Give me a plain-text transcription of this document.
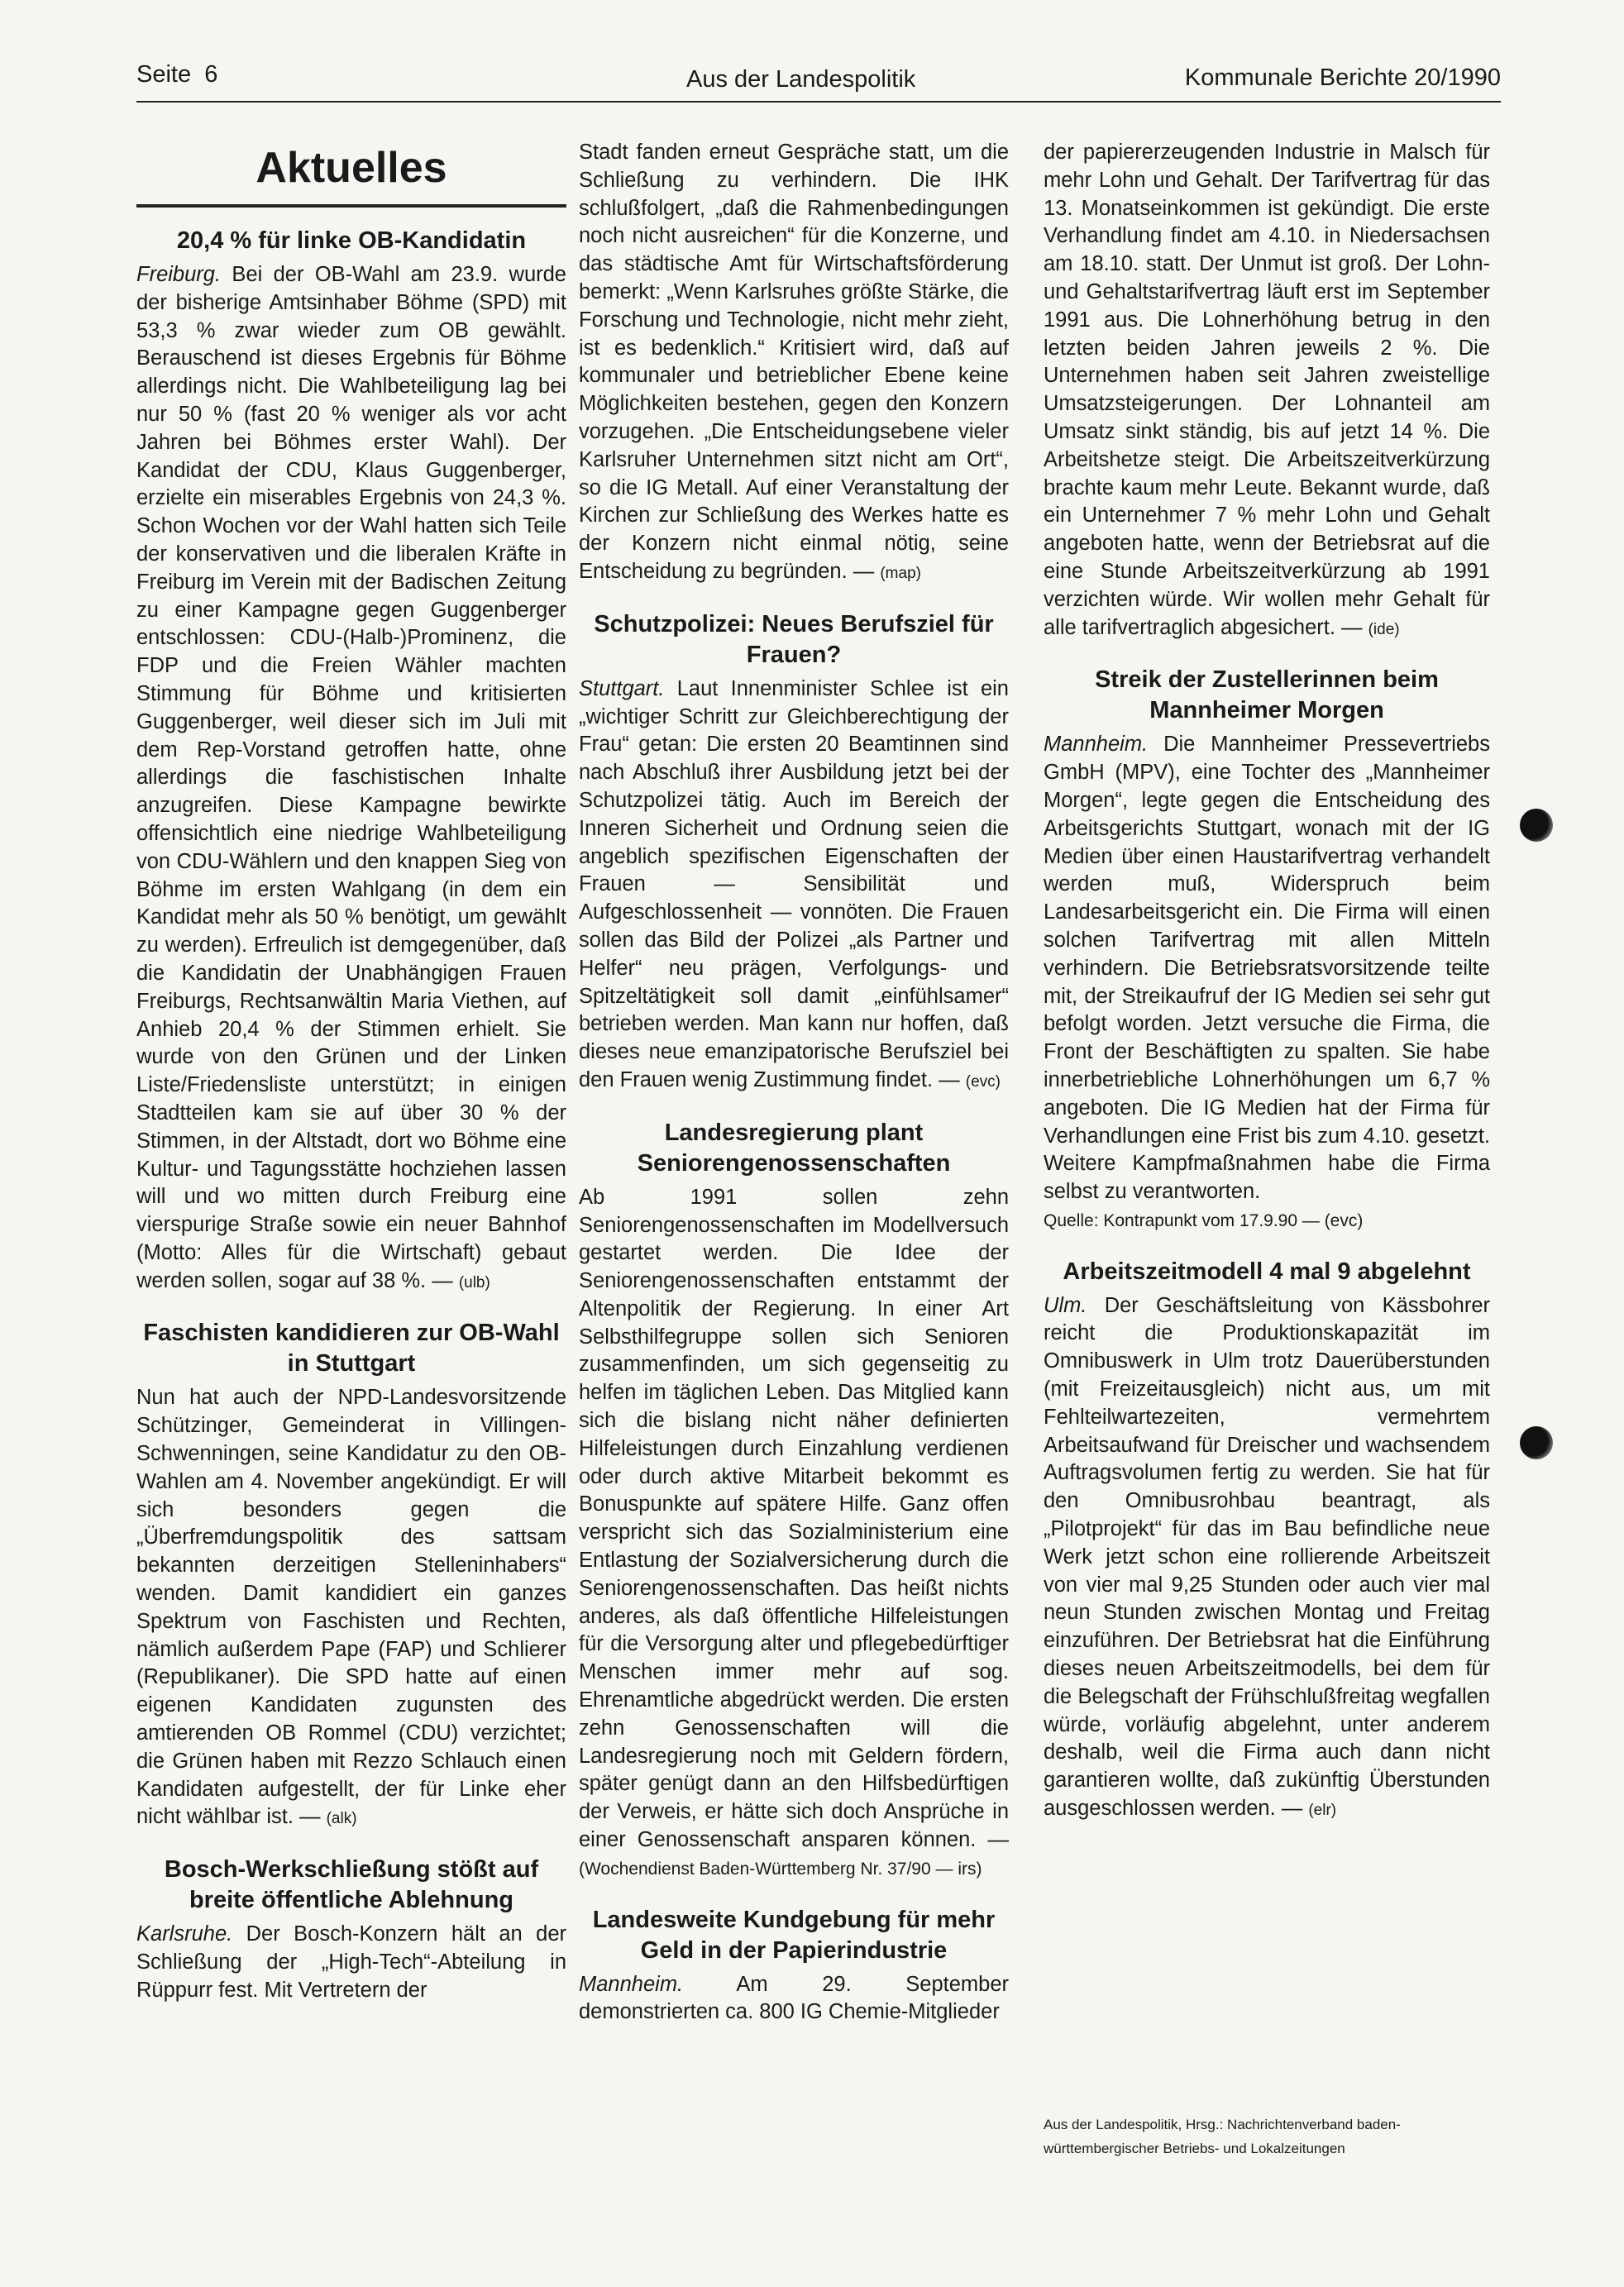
Seite 6	Aus der Landespolitik	Kommunale Berichte 20/1990
Aktuelles
20,4 % für linke OB-Kandidatin

Freiburg. Bei der OB-Wahl am 23.9. wurde der bisherige Amtsinhaber Böhme (SPD) mit 53,3 % zwar wieder zum OB gewählt. Berauschend ist dieses Ergebnis für Böhme allerdings nicht. Die Wahlbeteiligung lag bei nur 50 % (fast 20 % weniger als vor acht Jahren bei Böhmes erster Wahl). Der Kandidat der CDU, Klaus Guggenberger, erzielte ein miserables Ergebnis von 24,3 %. Schon Wochen vor der Wahl hatten sich Teile der konservativen und die liberalen Kräfte in Freiburg im Verein mit der Badischen Zeitung zu einer Kampagne gegen Guggenberger entschlossen: CDU-(Halb-)Prominenz, die FDP und die Freien Wähler machten Stimmung für Böhme und kritisierten Guggenberger, weil dieser sich im Juli mit dem Rep-Vorstand getroffen hatte, ohne allerdings die faschistischen Inhalte anzugreifen. Diese Kampagne bewirkte offensichtlich eine niedrige Wahlbeteiligung von CDU-Wählern und den knappen Sieg von Böhme im ersten Wahlgang (in dem ein Kandidat mehr als 50 % benötigt, um gewählt zu werden). Erfreulich ist demgegenüber, daß die Kandidatin der Unabhängigen Frauen Freiburgs, Rechtsanwältin Maria Viethen, auf Anhieb 20,4 % der Stimmen erhielt. Sie wurde von den Grünen und der Linken Liste/Friedensliste unterstützt; in einigen Stadtteilen kam sie auf über 30 % der Stimmen, in der Altstadt, dort wo Böhme eine Kultur- und Tagungsstätte hochziehen lassen will und wo mitten durch Freiburg eine vierspurige Straße sowie ein neuer Bahnhof (Motto: Alles für die Wirtschaft) gebaut werden sollen, sogar auf 38 %. — (ulb)

Faschisten kandidieren zur OB-Wahl in Stuttgart

Nun hat auch der NPD-Landesvorsitzende Schützinger, Gemeinderat in Villingen-Schwenningen, seine Kandidatur zu den OB-Wahlen am 4. November angekündigt. Er will sich besonders gegen die „Überfremdungspolitik des sattsam bekannten derzeitigen Stelleninhabers“ wenden. Damit kandidiert ein ganzes Spektrum von Faschisten und Rechten, nämlich außerdem Pape (FAP) und Schlierer (Republikaner). Die SPD hatte auf einen eigenen Kandidaten zugunsten des amtierenden OB Rommel (CDU) verzichtet; die Grünen haben mit Rezzo Schlauch einen Kandidaten aufgestellt, der für Linke eher nicht wählbar ist. — (alk)

Bosch-Werkschließung stößt auf breite öffentliche Ablehnung

Karlsruhe. Der Bosch-Konzern hält an der Schließung der „High-Tech“-Abteilung in Rüppurr fest. Mit Vertretern der

Stadt fanden erneut Gespräche statt, um die Schließung zu verhindern. Die IHK schlußfolgert, „daß die Rahmenbedingungen noch nicht ausreichen“ für die Konzerne, und das städtische Amt für Wirtschaftsförderung bemerkt: „Wenn Karlsruhes größte Stärke, die Forschung und Technologie, nicht mehr zieht, ist es bedenklich.“ Kritisiert wird, daß auf kommunaler und betrieblicher Ebene keine Möglichkeiten bestehen, gegen den Konzern vorzugehen. „Die Entscheidungsebene vieler Karlsruher Unternehmen sitzt nicht am Ort“, so die IG Metall. Auf einer Veranstaltung der Kirchen zur Schließung des Werkes hatte es der Konzern nicht einmal nötig, seine Entscheidung zu begründen. — (map)

Schutzpolizei: Neues Berufsziel für Frauen?

Stuttgart. Laut Innenminister Schlee ist ein „wichtiger Schritt zur Gleichberechtigung der Frau“ getan: Die ersten 20 Beamtinnen sind nach Abschluß ihrer Ausbildung jetzt bei der Schutzpolizei tätig. Auch im Bereich der Inneren Sicherheit und Ordnung seien die angeblich spezifischen Eigenschaften der Frauen — Sensibilität und Aufgeschlossenheit — vonnöten. Die Frauen sollen das Bild der Polizei „als Partner und Helfer“ neu prägen, Verfolgungs- und Spitzeltätigkeit soll damit „einfühlsamer“ betrieben werden. Man kann nur hoffen, daß dieses neue emanzipatorische Berufsziel bei den Frauen wenig Zustimmung findet. — (evc)

Landesregierung plant Seniorengenossenschaften

Ab 1991 sollen zehn Seniorengenossenschaften im Modellversuch gestartet werden. Die Idee der Seniorengenossenschaften entstammt der Altenpolitik der Regierung. In einer Art Selbsthilfegruppe sollen sich Senioren zusammenfinden, um sich gegenseitig zu helfen im täglichen Leben. Das Mitglied kann sich die bislang nicht näher definierten Hilfeleistungen durch Einzahlung verdienen oder durch aktive Mitarbeit bekommt es Bonuspunkte auf spätere Hilfe. Ganz offen verspricht sich das Sozialministerium eine Entlastung der Sozialversicherung durch die Seniorengenossenschaften. Das heißt nichts anderes, als daß öffentliche Hilfeleistungen für die Versorgung alter und pflegebedürftiger Menschen immer mehr auf sog. Ehrenamtliche abgedrückt werden. Die ersten zehn Genossenschaften will die Landesregierung noch mit Geldern fördern, später genügt dann an den Hilfsbedürftigen der Verweis, er hätte sich doch Ansprüche in einer Genossenschaft ansparen können. — (Wochendienst Baden-Württemberg Nr. 37/90 — irs)

Landesweite Kundgebung für mehr Geld in der Papierindustrie

Mannheim.	Am 29. September demonstrierten ca. 800 IG Chemie-Mitglieder

der papiererzeugenden Industrie in Malsch für mehr Lohn und Gehalt. Der Tarifvertrag für das 13. Monatseinkommen ist gekündigt. Die erste Verhandlung findet am 4.10. in Niedersachsen am 18.10. statt. Der Unmut ist groß. Der Lohn- und Gehaltstarifvertrag läuft erst im September 1991 aus. Die Lohnerhöhung betrug in den letzten beiden Jahren jeweils 2 %. Die Unternehmen haben seit Jahren zweistellige Umsatzsteigerungen. Der Lohnanteil am Umsatz sinkt ständig, bis auf jetzt 14 %. Die Arbeitshetze steigt. Die Arbeitszeitverkürzung brachte kaum mehr Leute. Bekannt wurde, daß ein Unternehmer 7 % mehr Lohn und Gehalt angeboten hatte, wenn der Betriebsrat auf die eine Stunde Arbeitszeitverkürzung ab 1991 verzichten würde. Wir wollen mehr Gehalt für alle tarifvertraglich abgesichert. — (ide)

Streik der Zustellerinnen beim Mannheimer Morgen

Mannheim. Die Mannheimer Pressevertriebs GmbH (MPV), eine Tochter des „Mannheimer Morgen“, legte gegen die Entscheidung des Arbeitsgerichts Stuttgart, wonach mit der IG Medien über einen Haustarifvertrag verhandelt werden muß, Widerspruch beim Landesarbeitsgericht ein. Die Firma will einen solchen Tarifvertrag mit allen Mitteln verhindern. Die Betriebsratsvorsitzende teilte mit, der Streikaufruf der IG Medien sei sehr gut befolgt worden. Jetzt versuche die Firma, die Front der Beschäftigten zu spalten. Sie habe innerbetriebliche Lohnerhöhungen um 6,7 % angeboten. Die IG Medien hat der Firma für Verhandlungen eine Frist bis zum 4.10. gesetzt. Weitere Kampfmaßnahmen habe die Firma selbst zu verantworten.
Quelle: Kontrapunkt vom 17.9.90 — (evc)

Arbeitszeitmodell 4 mal 9 abgelehnt

Ulm. Der Geschäftsleitung von Kässbohrer reicht die Produktionskapazität im Omnibuswerk in Ulm trotz Dauerüberstunden (mit Freizeitausgleich) nicht aus, um mit Fehlteilwartezeiten, vermehrtem Arbeitsaufwand für Dreischer und wachsendem Auftragsvolumen fertig zu werden. Sie hat für den Omnibusrohbau beantragt, als „Pilotprojekt“ für das im Bau befindliche neue Werk jetzt schon eine rollierende Arbeitszeit von vier mal 9,25 Stunden oder auch vier mal neun Stunden zwischen Montag und Freitag einzuführen. Der Betriebsrat hat die Einführung dieses neuen Arbeitszeitmodells, bei dem für die Belegschaft der Frühschlußfreitag wegfallen würde, vorläufig abgelehnt, unter anderem deshalb, weil die Firma auch dann nicht garantieren wollte, daß zukünftig Überstunden ausgeschlossen werden. — (elr)

Aus der Landespolitik, Hrsg.: Nachrichtenverband baden-württembergischer Betriebs- und Lokalzeitungen
